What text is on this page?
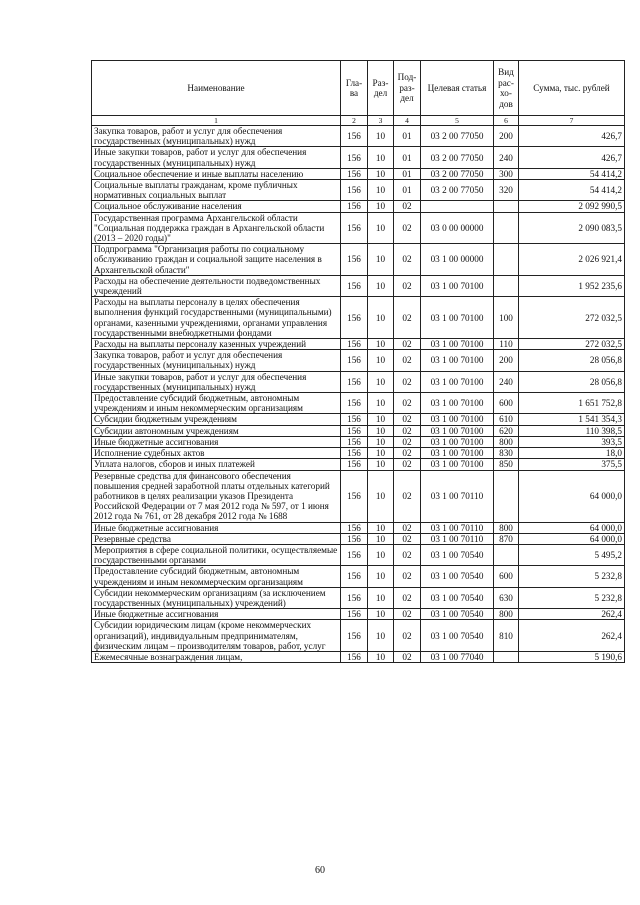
Наименование	Гла-ва	Раз-дел	Под-раз-дел	Целевая статья	Вид рас-хо-дов	Сумма, тыс. рублей
1	2	3	4	5	6	7
Закупка товаров, работ и услуг для обеспечения государственных (муниципальных) нужд	156	10	01	03 2 00 77050	200	426,7
Иные закупки товаров, работ и услуг для обеспечения государственных (муниципальных) нужд	156	10	01	03 2 00 77050	240	426,7
Социальное обеспечение и иные выплаты населению	156	10	01	03 2 00 77050	300	54 414,2
Социальные выплаты гражданам, кроме публичных нормативных социальных выплат	156	10	01	03 2 00 77050	320	54 414,2
Социальное обслуживание населения	156	10	02			2 092 990,5
Государственная программа Архангельской области "Социальная поддержка граждан в Архангельской области (2013 – 2020 годы)"	156	10	02	03 0 00 00000		2 090 083,5
Подпрограмма "Организация работы по социальному обслуживанию граждан и социальной защите населения в Архангельской области"	156	10	02	03 1 00 00000		2 026 921,4
Расходы на обеспечение деятельности подведомственных учреждений	156	10	02	03 1 00 70100		1 952 235,6
Расходы на выплаты персоналу в целях обеспечения выполнения функций государственными (муниципальными) органами, казенными учреждениями, органами управления государственными внебюджетными фондами	156	10	02	03 1 00 70100	100	272 032,5
Расходы на выплаты персоналу казенных учреждений	156	10	02	03 1 00 70100	110	272 032,5
Закупка товаров, работ и услуг для обеспечения государственных (муниципальных) нужд	156	10	02	03 1 00 70100	200	28 056,8
Иные закупки товаров, работ и услуг для обеспечения государственных (муниципальных) нужд	156	10	02	03 1 00 70100	240	28 056,8
Предоставление субсидий бюджетным, автономным учреждениям и иным некоммерческим организациям	156	10	02	03 1 00 70100	600	1 651 752,8
Субсидии бюджетным учреждениям	156	10	02	03 1 00 70100	610	1 541 354,3
Субсидии автономным учреждениям	156	10	02	03 1 00 70100	620	110 398,5
Иные бюджетные ассигнования	156	10	02	03 1 00 70100	800	393,5
Исполнение судебных актов	156	10	02	03 1 00 70100	830	18,0
Уплата налогов, сборов и иных платежей	156	10	02	03 1 00 70100	850	375,5
Резервные средства для финансового обеспечения повышения средней заработной платы отдельных категорий работников в целях реализации указов Президента Российской Федерации от 7 мая 2012 года № 597, от 1 июня 2012 года № 761, от 28 декабря 2012 года № 1688	156	10	02	03 1 00 70110		64 000,0
Иные бюджетные ассигнования	156	10	02	03 1 00 70110	800	64 000,0
Резервные средства	156	10	02	03 1 00 70110	870	64 000,0
Мероприятия в сфере социальной политики, осуществляемые государственными органами	156	10	02	03 1 00 70540		5 495,2
Предоставление субсидий бюджетным, автономным учреждениям и иным некоммерческим организациям	156	10	02	03 1 00 70540	600	5 232,8
Субсидии некоммерческим организациям (за исключением государственных (муниципальных) учреждений)	156	10	02	03 1 00 70540	630	5 232,8
Иные бюджетные ассигнования	156	10	02	03 1 00 70540	800	262,4
Субсидии юридическим лицам (кроме некоммерческих организаций), индивидуальным предпринимателям, физическим лицам – производителям товаров, работ, услуг	156	10	02	03 1 00 70540	810	262,4
Ежемесячные вознаграждения лицам,	156	10	02	03 1 00 77040		5 190,6
60
